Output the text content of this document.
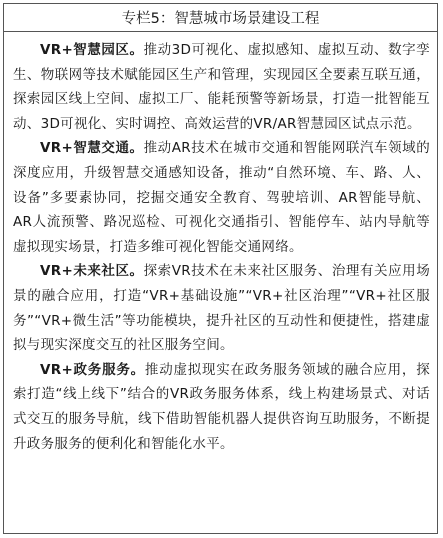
专栏5：智慧城市场景建设工程

VR+智慧园区。推动3D可视化、虚拟感知、虚拟互动、数字孪生、物联网等技术赋能园区生产和管理，实现园区全要素互联互通，探索园区线上空间、虚拟工厂、能耗预警等新场景，打造一批智能互动、3D可视化、实时调控、高效运营的VR/AR智慧园区试点示范。

VR+智慧交通。推动AR技术在城市交通和智能网联汽车领域的深度应用，升级智慧交通感知设备，推动“自然环境、车、路、人、设备”多要素协同，挖掘交通安全教育、驾驶培训、AR智能导航、AR人流预警、路况巡检、可视化交通指引、智能停车、站内导航等虚拟现实场景，打造多维可视化智能交通网络。

VR+未来社区。探索VR技术在未来社区服务、治理有关应用场景的融合应用，打造“VR+基础设施”“VR+社区治理”“VR+社区服务”“VR+微生活”等功能模块，提升社区的互动性和便捷性，搭建虚拟与现实深度交互的社区服务空间。

VR+政务服务。推动虚拟现实在政务服务领域的融合应用，探索打造“线上线下”结合的VR政务服务体系，线上构建场景式、对话式交互的服务导航，线下借助智能机器人提供咨询互助服务，不断提升政务服务的便利化和智能化水平。
